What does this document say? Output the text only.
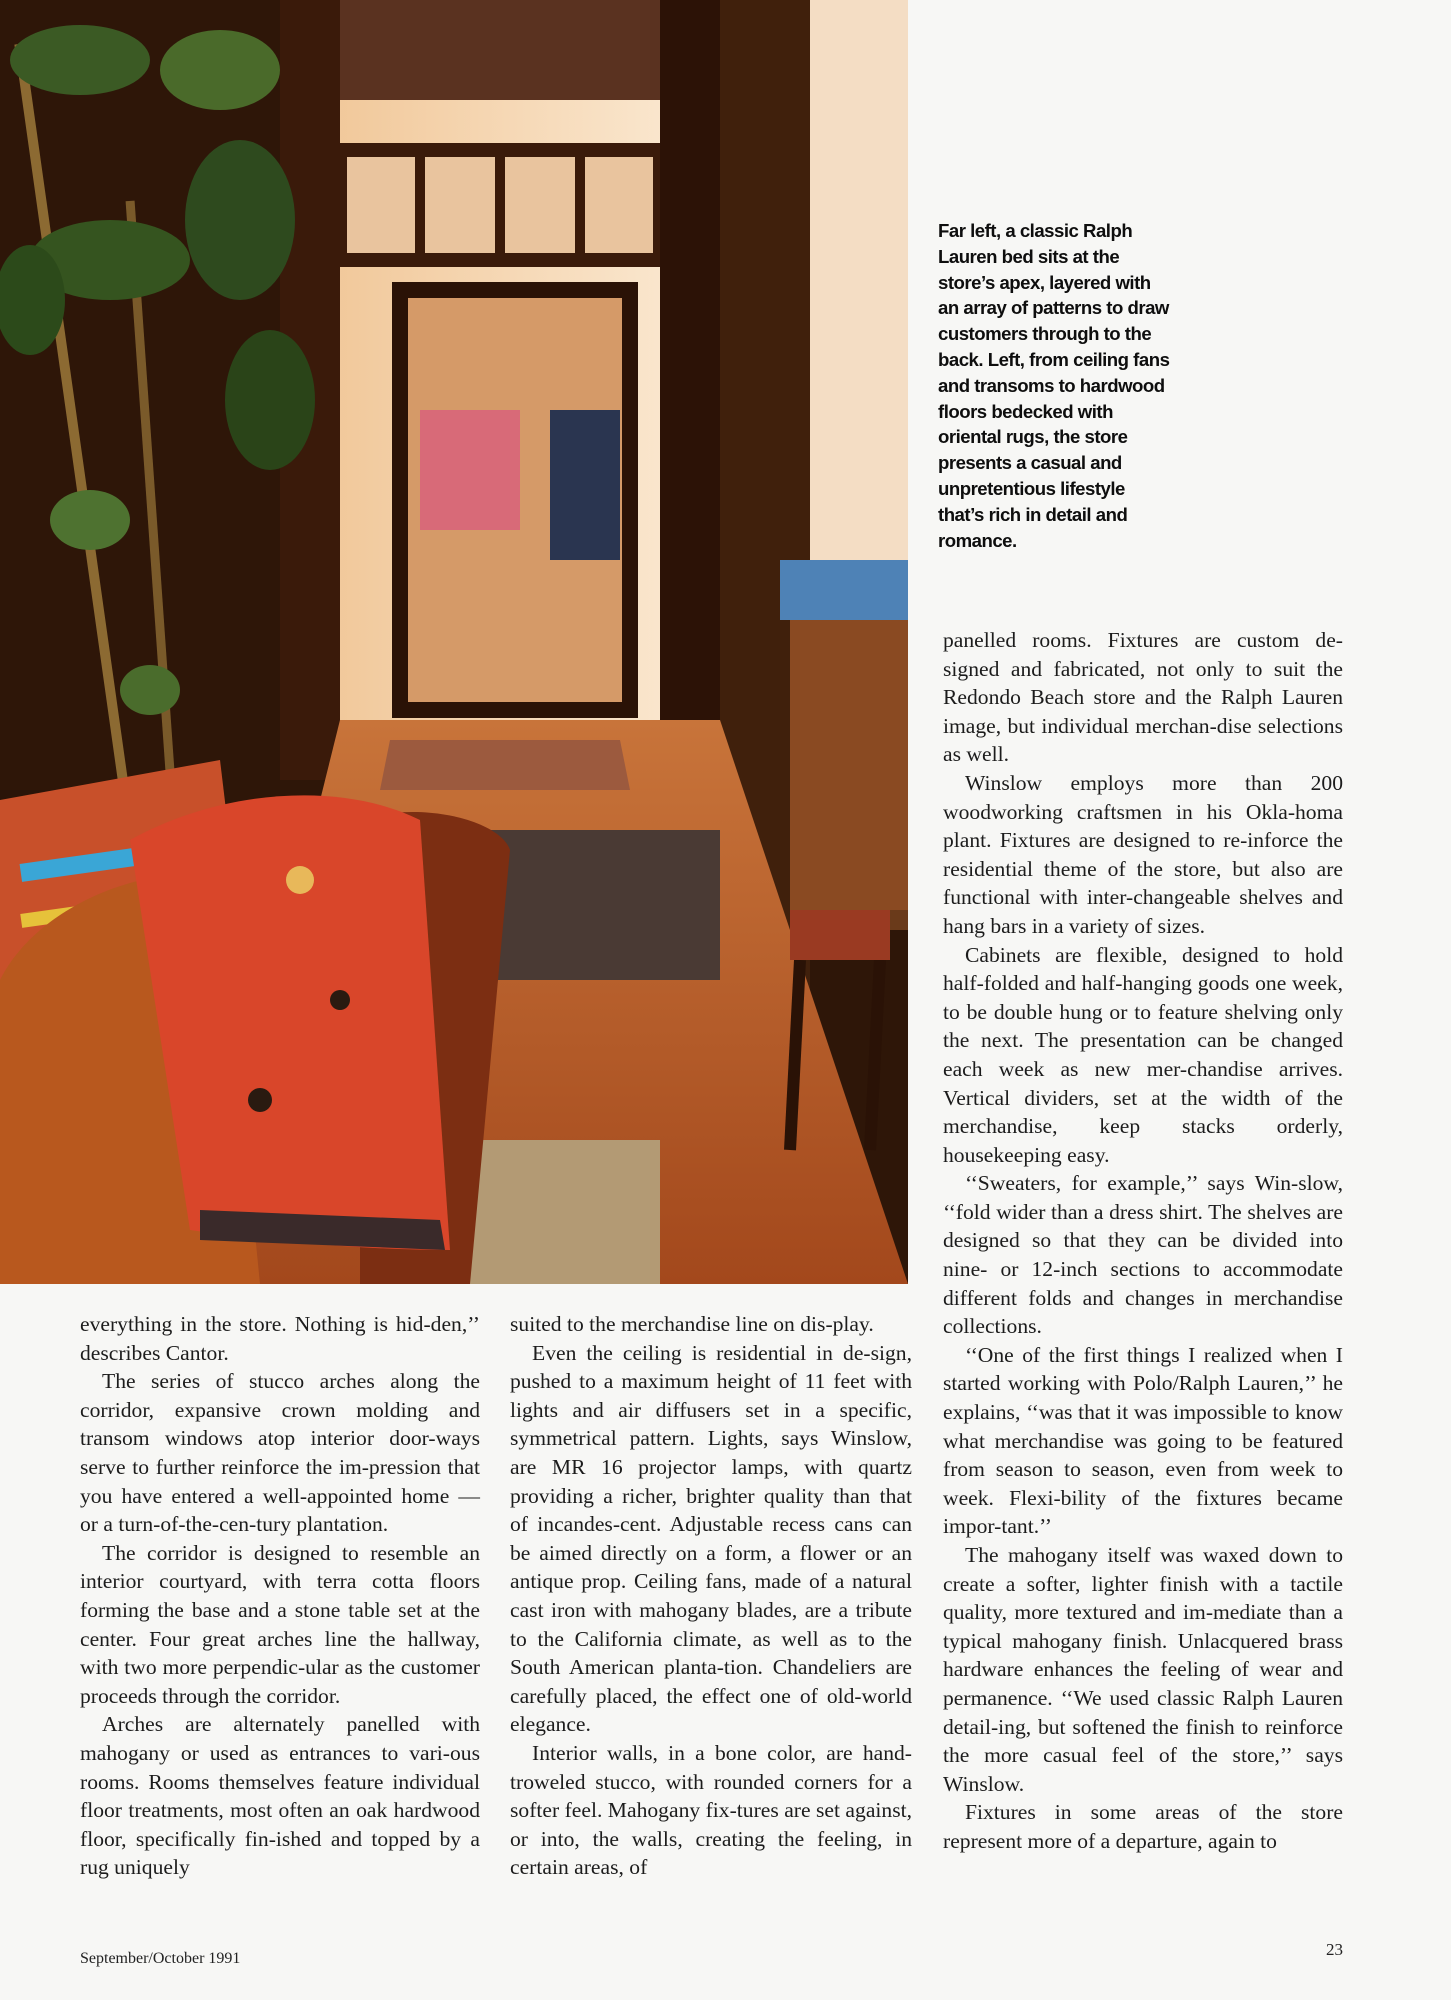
Far left, a classic Ralph Lauren bed sits at the store’s apex, layered with an array of patterns to draw customers through to the back. Left, from ceiling fans and transoms to hardwood floors bedecked with oriental rugs, the store presents a casual and unpretentious lifestyle that’s rich in detail and romance.

everything in the store. Nothing is hid-den,’’ describes Cantor.

The series of stucco arches along the corridor, expansive crown molding and transom windows atop interior door-ways serve to further reinforce the im-pression that you have entered a well-appointed home — or a turn-of-the-cen-tury plantation.

The corridor is designed to resemble an interior courtyard, with terra cotta floors forming the base and a stone table set at the center. Four great arches line the hallway, with two more perpendic-ular as the customer proceeds through the corridor.

Arches are alternately panelled with mahogany or used as entrances to vari-ous rooms. Rooms themselves feature individual floor treatments, most often an oak hardwood floor, specifically fin-ished and topped by a rug uniquely

suited to the merchandise line on dis-play.

Even the ceiling is residential in de-sign, pushed to a maximum height of 11 feet with lights and air diffusers set in a specific, symmetrical pattern. Lights, says Winslow, are MR 16 projector lamps, with quartz providing a richer, brighter quality than that of incandes-cent. Adjustable recess cans can be aimed directly on a form, a flower or an antique prop. Ceiling fans, made of a natural cast iron with mahogany blades, are a tribute to the California climate, as well as to the South American planta-tion. Chandeliers are carefully placed, the effect one of old-world elegance.

Interior walls, in a bone color, are hand-troweled stucco, with rounded corners for a softer feel. Mahogany fix-tures are set against, or into, the walls, creating the feeling, in certain areas, of

panelled rooms. Fixtures are custom de-signed and fabricated, not only to suit the Redondo Beach store and the Ralph Lauren image, but individual merchan-dise selections as well.

Winslow employs more than 200 woodworking craftsmen in his Okla-homa plant. Fixtures are designed to re-inforce the residential theme of the store, but also are functional with inter-changeable shelves and hang bars in a variety of sizes.

Cabinets are flexible, designed to hold half-folded and half-hanging goods one week, to be double hung or to feature shelving only the next. The presentation can be changed each week as new mer-chandise arrives. Vertical dividers, set at the width of the merchandise, keep stacks orderly, housekeeping easy.

‘‘Sweaters, for example,’’ says Win-slow, ‘‘fold wider than a dress shirt. The shelves are designed so that they can be divided into nine- or 12-inch sections to accommodate different folds and changes in merchandise collections.

‘‘One of the first things I realized when I started working with Polo/Ralph Lauren,’’ he explains, ‘‘was that it was impossible to know what merchandise was going to be featured from season to season, even from week to week. Flexi-bility of the fixtures became impor-tant.’’

The mahogany itself was waxed down to create a softer, lighter finish with a tactile quality, more textured and im-mediate than a typical mahogany finish. Unlacquered brass hardware enhances the feeling of wear and permanence. ‘‘We used classic Ralph Lauren detail-ing, but softened the finish to reinforce the more casual feel of the store,’’ says Winslow.

Fixtures in some areas of the store represent more of a departure, again to

September/October 1991	23
